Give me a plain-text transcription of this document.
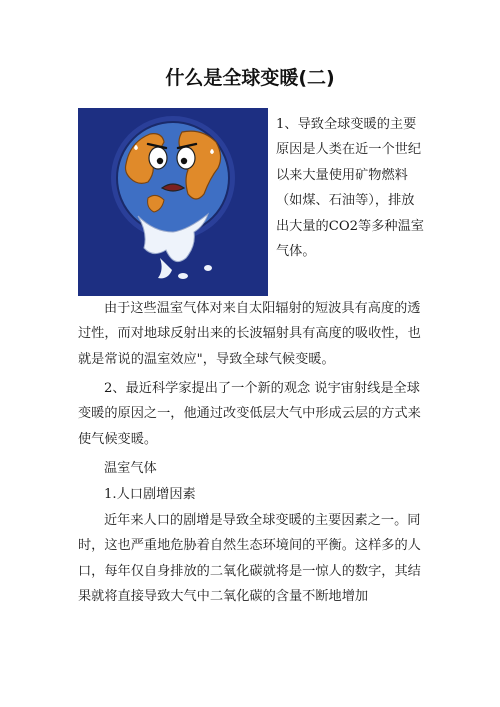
什么是全球变暖(二)

1、导致全球变暖的主要原因是人类在近一个世纪以来大量使用矿物燃料（如煤、石油等），排放出大量的CO2等多种温室气体。

由于这些温室气体对来自太阳辐射的短波具有高度的透过性，而对地球反射出来的长波辐射具有高度的吸收性，也就是常说的温室效应"，导致全球气候变暖。

2、最近科学家提出了一个新的观念 说宇宙射线是全球变暖的原因之一，他通过改变低层大气中形成云层的方式来使气候变暖。

温室气体

1.人口剧增因素

近年来人口的剧增是导致全球变暖的主要因素之一。同时，这也严重地危胁着自然生态环境间的平衡。这样多的人口，每年仅自身排放的二氧化碳就将是一惊人的数字，其结果就将直接导致大气中二氧化碳的含量不断地增加
